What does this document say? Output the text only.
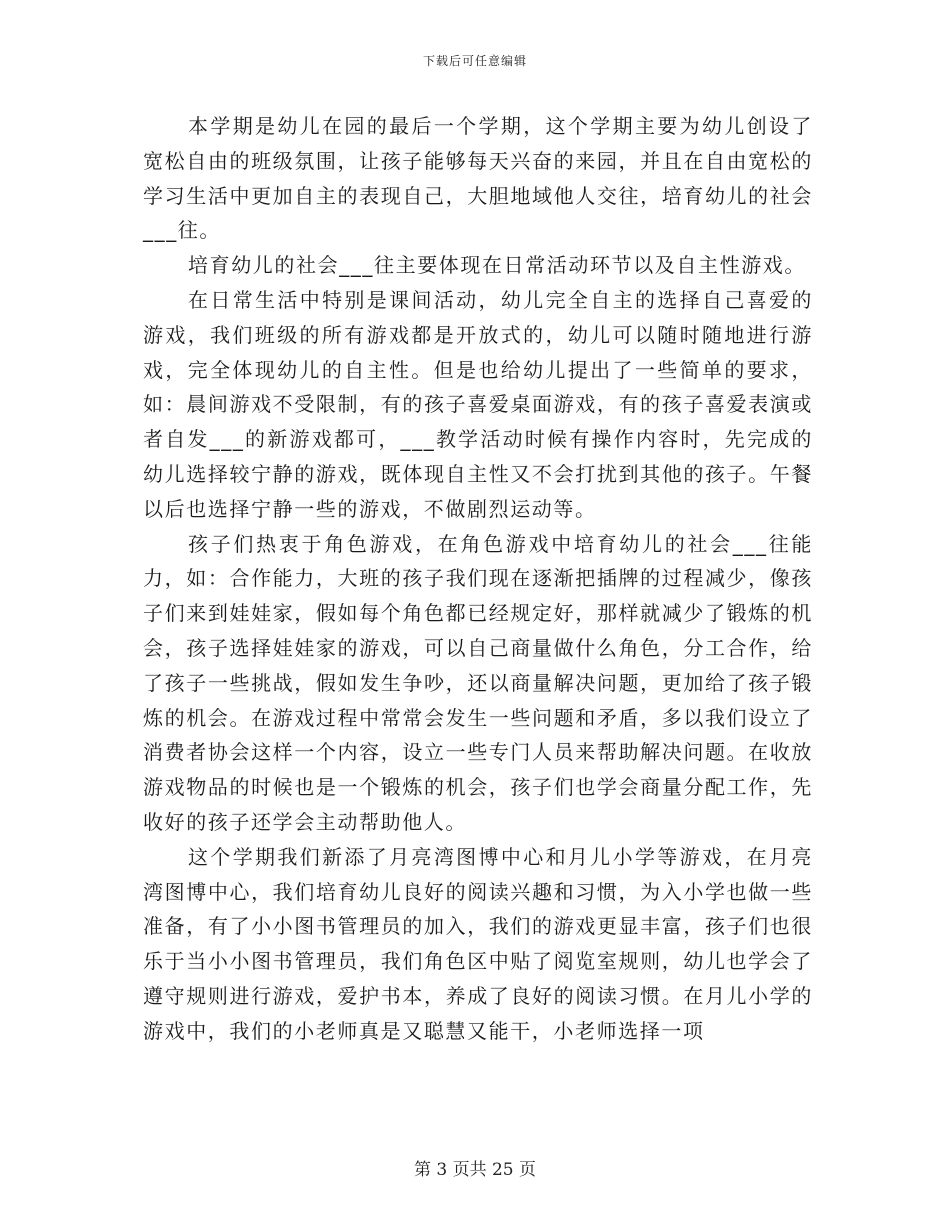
下载后可任意编辑

本学期是幼儿在园的最后一个学期，这个学期主要为幼儿创设了宽松自由的班级氛围，让孩子能够每天兴奋的来园，并且在自由宽松的学习生活中更加自主的表现自己，大胆地域他人交往，培育幼儿的社会___往。

培育幼儿的社会___往主要体现在日常活动环节以及自主性游戏。

在日常生活中特别是课间活动，幼儿完全自主的选择自己喜爱的游戏，我们班级的所有游戏都是开放式的，幼儿可以随时随地进行游戏，完全体现幼儿的自主性。但是也给幼儿提出了一些简单的要求，如：晨间游戏不受限制，有的孩子喜爱桌面游戏，有的孩子喜爱表演或者自发___的新游戏都可，___教学活动时候有操作内容时，先完成的幼儿选择较宁静的游戏，既体现自主性又不会打扰到其他的孩子。午餐以后也选择宁静一些的游戏，不做剧烈运动等。

孩子们热衷于角色游戏，在角色游戏中培育幼儿的社会___往能力，如：合作能力，大班的孩子我们现在逐渐把插牌的过程减少，像孩子们来到娃娃家，假如每个角色都已经规定好，那样就减少了锻炼的机会，孩子选择娃娃家的游戏，可以自己商量做什么角色，分工合作，给了孩子一些挑战，假如发生争吵，还以商量解决问题，更加给了孩子锻炼的机会。在游戏过程中常常会发生一些问题和矛盾，多以我们设立了消费者协会这样一个内容，设立一些专门人员来帮助解决问题。在收放游戏物品的时候也是一个锻炼的机会，孩子们也学会商量分配工作，先收好的孩子还学会主动帮助他人。

这个学期我们新添了月亮湾图博中心和月儿小学等游戏，在月亮湾图博中心，我们培育幼儿良好的阅读兴趣和习惯，为入小学也做一些准备，有了小小图书管理员的加入，我们的游戏更显丰富，孩子们也很乐于当小小图书管理员，我们角色区中贴了阅览室规则，幼儿也学会了遵守规则进行游戏，爱护书本，养成了良好的阅读习惯。在月儿小学的游戏中，我们的小老师真是又聪慧又能干，小老师选择一项

第 3 页共 25 页
